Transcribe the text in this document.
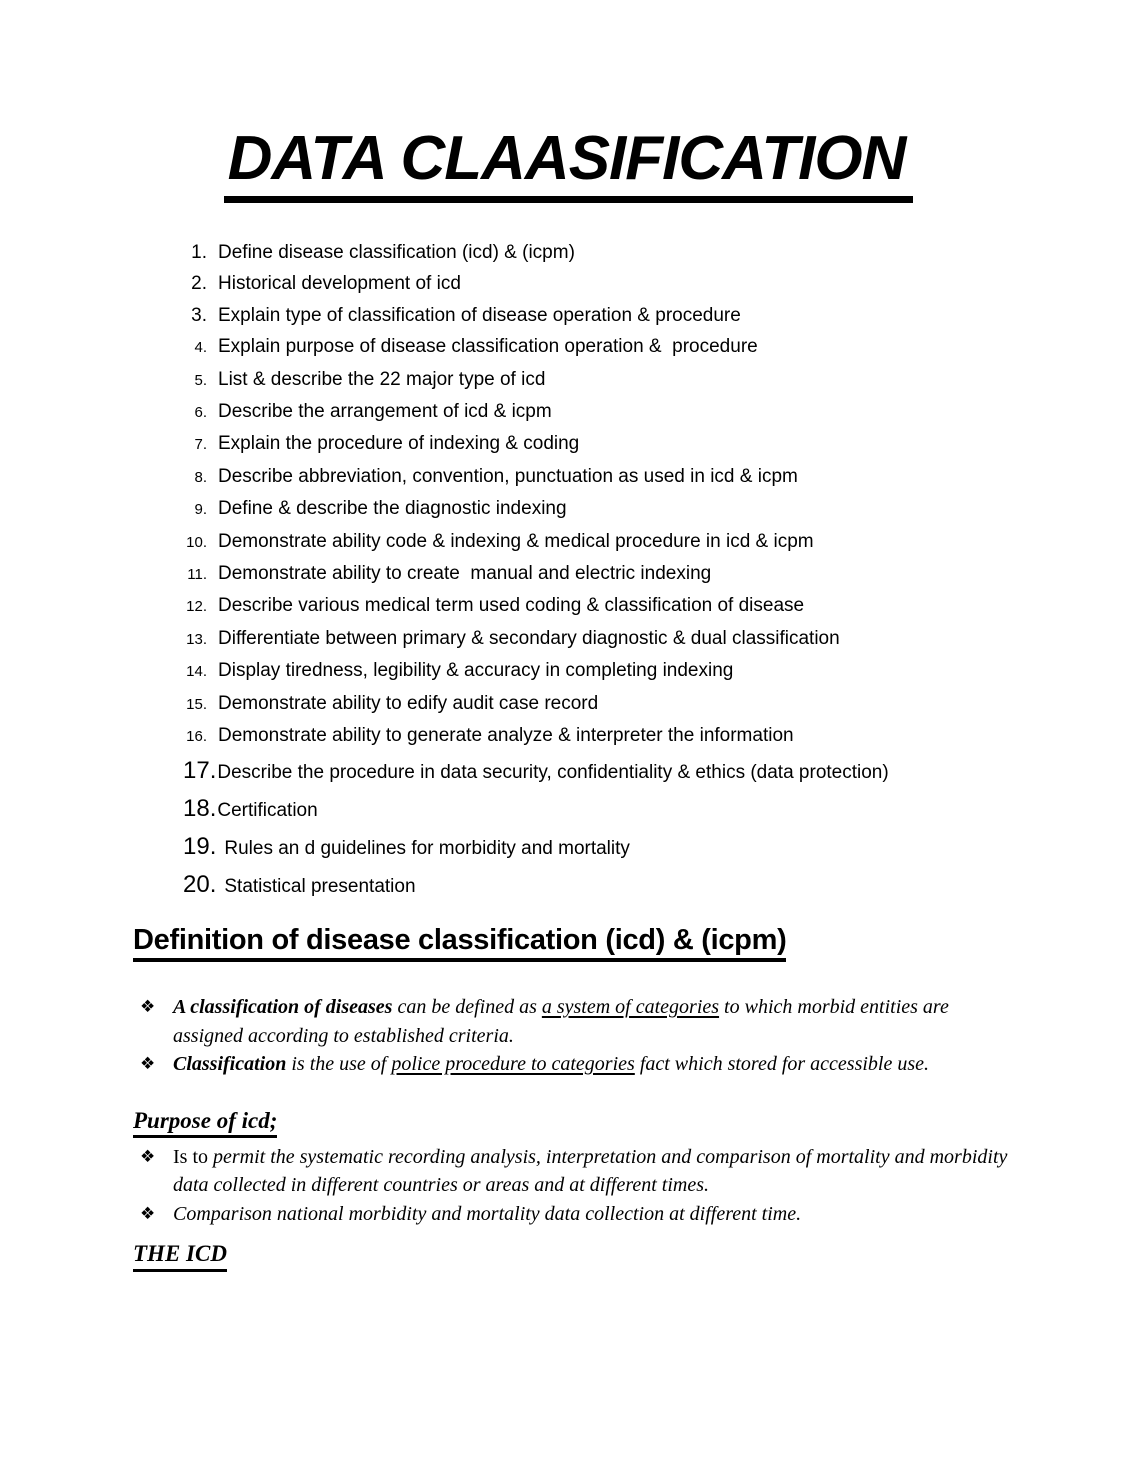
DATA CLAASIFICATION
1. Define disease classification (icd) & (icpm)
2. Historical development of icd
3. Explain type of classification of disease operation & procedure
4. Explain purpose of disease classification operation &  procedure
5. List & describe the 22 major type of icd
6. Describe the arrangement of icd & icpm
7. Explain the procedure of indexing & coding
8. Describe abbreviation, convention, punctuation as used in icd & icpm
9. Define & describe the diagnostic indexing
10. Demonstrate ability code & indexing & medical procedure in icd & icpm
11. Demonstrate ability to create  manual and electric indexing
12. Describe various medical term used coding & classification of disease
13. Differentiate between primary & secondary diagnostic & dual classification
14. Display tiredness, legibility & accuracy in completing indexing
15. Demonstrate ability to edify audit case record
16. Demonstrate ability to generate analyze & interpreter the information
17.Describe the procedure in data security, confidentiality & ethics (data protection)
18.Certification
19. Rules an d guidelines for morbidity and mortality
20. Statistical presentation
Definition of disease classification (icd) & (icpm)
❖ A classification of diseases can be defined as a system of categories to which morbid entities are assigned according to established criteria.
❖ Classification is the use of police procedure to categories fact which stored for accessible use.
Purpose of icd;
❖ Is to permit the systematic recording analysis, interpretation and comparison of mortality and morbidity data collected in different countries or areas and at different times.
❖ Comparison national morbidity and mortality data collection at different time.
THE ICD
